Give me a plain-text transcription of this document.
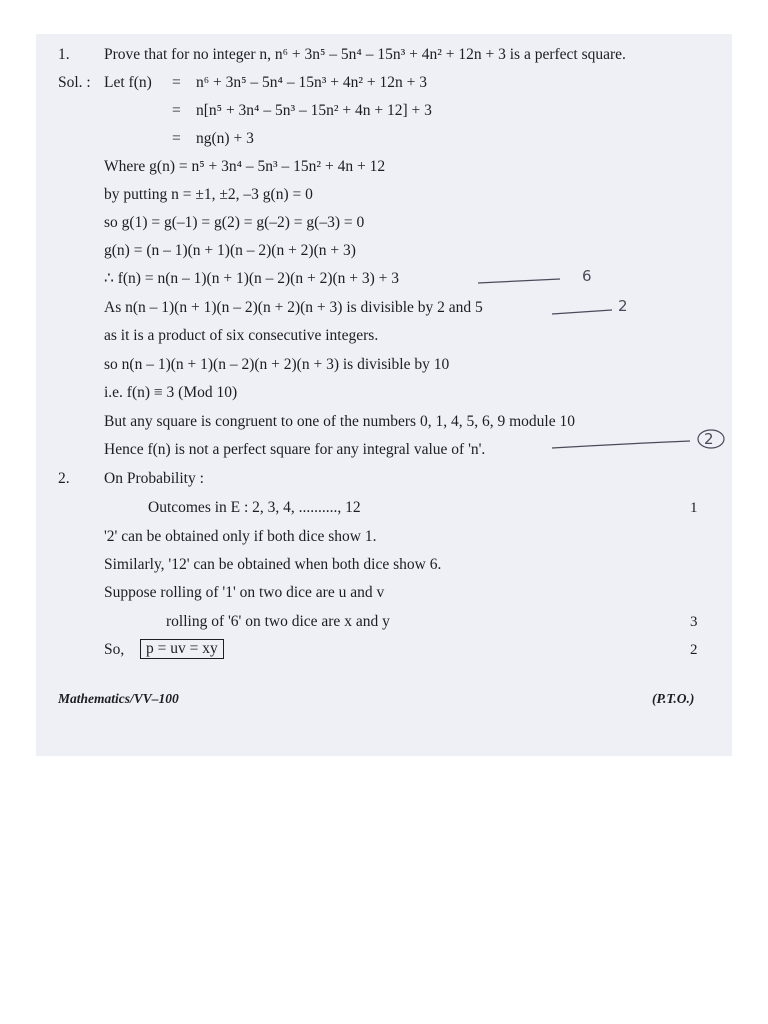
1. Prove that for no integer n, n⁶ + 3n⁵ – 5n⁴ – 15n³ + 4n² + 12n + 3 is a perfect square.
Sol. : Let f(n) = n⁶ + 3n⁵ – 5n⁴ – 15n³ + 4n² + 12n + 3
= n[n⁵ + 3n⁴ – 5n³ – 15n² + 4n + 12] + 3
= ng(n) + 3
Where g(n) = n⁵ + 3n⁴ – 5n³ – 15n² + 4n + 12
by putting n = ±1, ±2, –3 g(n) = 0
so g(1) = g(–1) = g(2) = g(–2) = g(–3) = 0
g(n) = (n – 1)(n + 1)(n – 2)(n + 2)(n + 3)
∴ f(n) = n(n – 1)(n + 1)(n – 2)(n + 2)(n + 3) + 3
As n(n – 1)(n + 1)(n – 2)(n + 2)(n + 3) is divisible by 2 and 5
as it is a product of six consecutive integers.
so n(n – 1)(n + 1)(n – 2)(n + 2)(n + 3) is divisible by 10
i.e. f(n) ≡ 3 (Mod 10)
But any square is congruent to one of the numbers 0, 1, 4, 5, 6, 9 module 10
Hence f(n) is not a perfect square for any integral value of 'n'.
6
2
2
2. On Probability :
Outcomes in E : 2, 3, 4, .........., 12	1
'2' can be obtained only if both dice show 1.
Similarly, '12' can be obtained when both dice show 6.
Suppose rolling of '1' on two dice are u and v
rolling of '6' on two dice are x and y	3
So,	p = uv = xy	2
Mathematics/VV–100	(P.T.O.)
